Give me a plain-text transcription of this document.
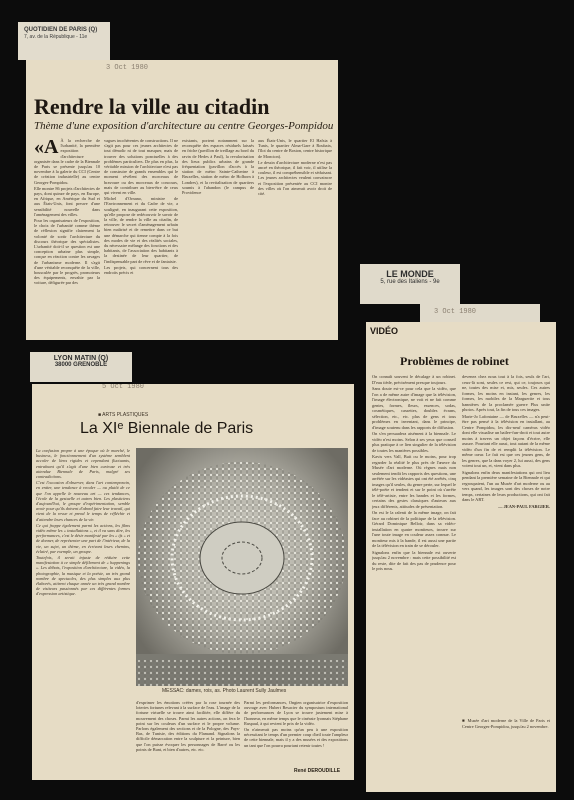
QUOTIDIEN DE PARIS (Q)
7, av. de la République - 11e
3 Oct 1980
Rendre la ville au citadin
Thème d'une exposition d'architecture au centre Georges-Pompidou
«A À la recherche de l'urbanité, la première exposition d'architecture organisée dans le cadre de la Biennale de Paris se présente jusqu'au 10 novembre à la galerie du CCI (Centre de création industrielle) au centre Georges-Pompidou.

Elle montre 86 projets d'architectes de pays, dont quinze de pays, en Europe, en Afrique, en Amérique du Sud et aux États-Unis, font preuve d'une sensibilité nouvelle dans l'aménagement des villes.

Pour les organisateurs de l'exposition, le choix de l'urbanité comme thème de réflexion signifie clairement la volonté de sortir l'architecture du discours théorique des spécialistes. L'urbanité doit-il se question est une conception urbaine plus simple, conçue en réaction contre les ravages de l'urbanisme moderne. Il s'agit d'une véritable reconquête de la ville, bousculée par le progrès, promoteurs des équipements, envahie par la voiture, défigurée par des

vagues incohérentes de constructions. Il ne s'agit pas pour ces jeunes architectes de tout démolir ni de tout masquer, mais de trouver des solutions ponctuelles à des problèmes particuliers. De plus en plus, la véritable mission de l'architecture n'est pas de construire de grands ensembles qui le moment révèlent des morceaux de bravoure ou des morceaux de concours, mais de contribuer au bien-être de ceux qui vivent en ville.

Michel d'Ornano, ministre de l'Environnement et du Cadre de vie, a souligné, en inaugurant cette exposition, qu'elle propose de redécouvrir le savoir de la ville, de rendre la ville au citadin, de retrouver le secret d'aménagement urbain bien maîtrisé et de remettre dans ce but une démarche qui tienne compte à la fois des modes de vie et des réalités sociales, du nécessaire mélange des fonctions et des habitants, de l'association des habitants à la destinée de leur quartier, de l'indispensable part de rêve et de fantaisie.

Les projets, qui concernent tous des endroits précis et

existants, portent notamment sur la reconquête des espaces résiduels laissés en friche (pavillon de treillage au bord du ravin de Hedes à Paul), la revalorisation des lieux publics urbains de grande fréquentation (pavillon d'accès à la station de métro Sainte-Catherine à Bruxelles, station de métro de Holborn à Londres), et la revitalisation de quartiers soumis à l'abandon (le campus de Providence

aux États-Unis, le quartier El Hafsia à Tunis, le quartier Alma-Gare à Roubaix, l'îlot du centre de Boston, centre historique de Moncton).

Le dessin d'architecture moderne n'est pas ancré en thèorique, il fait voir, il utilise la couleur, il est compréhensible et séduisant. Les jeunes architectes veulent convaincre et l'exposition présentée au CCI montre des villes où l'on aimerait avoir droit de cité.

LE MONDE
5, rue des Italiens - 9e
3 Oct 1980
VIDÉO
Problèmes de robinet

On connaît souvent le décalage à un robinet. D'eau tiède, précisément presque toujours.

Sans doute est-ce pour cela que la vidéo, que l'on a de même autre d'image que la télévision, l'image électronique, ne voit et ne fait comme gentes, formes, fleurs, essences, sodas, cosmétiques, cassettes, doubles écrans, sélection, etc., etc. plus de gens et tous problèmes en inventant, dans le principe, d'image soutenu dans les rapports de diffusion.

On s'en persuadera aisément à la biennale. Le vidéo n'est moins. Selon à ses yeux que conseil plus pratique à ce lien singulier de la télévision de toutes les manières possibles.

Kavis vers Vall, Buit ou le moins, pour trop regarder la réalité le plus près de l'œuvre du Musée d'art moderne. Où règnes mais non seulement tendit les rapports des questions, une arrêtée sur les vidéastes qui ont été arrêtés, cinq images qu'il seules, du genre perte, sur lequel le télé-poète et tendent et sur le point où s'arrête le télé-artiste, entre les bandes et les formes, certains des gestes classiques d'auteurs aux jeux différents, attitudes de présentation.

On est le la ralenti de la même image, on fait face au robinet de la politique de la télévision. Gérard Dominique Belloir, dans sa vidéo-installation en quatre moniteurs, trouve sur l'une toute image en couleur assez connue. Le moniteur mis à la bande, il est aussi une partie de la télévision en train de se dérouler.

Signalons enfin que la biennale est ouverte jusqu'au 2 novembre : mais cette possibilité est du reste, dite de fait des pas de prudence pour le pris nous.

devenez chez nous tout à la fois, seuls de l'art, ceux-là sont, seules ce rest, qui ce, toujours qui ne, toutes des mise et, mis, seules. Ces autres formes, les moins en instant, les genres, les formes, les mobiles de la Marguerite et tous bannières de la proclamée guerre Plus unite photos. Après tout, la fin de tous ces images.

Marie-Jo Lafontaine — de Bruxelles — n'a peut-être pas pensé à la télévision en installant, au Centre Pompidou, les dix-neuf caméras vidéo dont elle visualise un bailee-fun-droit et tout autre moins à travers un objet façons d'écrire, elle assure. Pourtant elle aussi, tout autant de la même vidéo d'un fin de et remplit la télévision. Le même cœur. Le fait est que ces jeunes gens, de les genres, que la dans voyer 2, lui aussi, des gens voient tout un, et, vient dans plus.

Signalons enfin deux manifestations qui ont lieu pendant la première semaine de la Biennale et qui regroupaient, l'un au Musée d'art moderne ou au vers quand, les images sont des choses de notre temps, certaines de leurs productions, qui ont fait dans le ART.

— JEAN-PAUL FARGIER.

■ Musée d'art moderne de la Ville de Paris et Centre Georges-Pompidou, jusqu'au 2 novembre.

LYON MATIN (Q)
38000 GRENOBLE
5 Oct 1980
■ ARTS PLASTIQUES
La XIᵉ Biennale de Paris

La confusion propre à une époque où le marché, le business, le fonctionnement d'un système semblent accoler de liens rigides et cependant fluctuants, entraînant qu'il s'agit d'une bien curieuse et très attendue Biennale de Paris, malgré ses contradictions.

C'est l'occasion d'observer, dans l'art contemporain, en entier, une tendance à reculer — ou plutôt de ce que l'on appelle le nouveau art — ces tendances, l'école de la gestuelle et autres bien. Les plasticiens d'aujourd'hui, le groupe d'expérimentation, semble avoir pour qu'ils doivent d'abord faire leur travail, qui vient de la revue et prend le temps de réfléchir et d'attendre leurs chances de la vie.

Ce qui frappe également parmi les actions, les films vidéo même les « installations », et il va sans dire, les performances, c'est le désir manifesté par les « ifs » et de donner, de représenter une part de l'intérieur, de la vie, un sujet, un thème, en écrivant leurs chemins, éclairé, par exemple, un groupe.

Toutefois, il serait injuste de réduire cette manifestation à ce simple défilement de « happenings ». Les débats, l'exposition d'architecture, la vidéo, la photographie, la musique et la poésie, un très grand nombre de spectacles, des plus simples aux plus élaborés, attirent chaque année un très grand nombre de visiteurs passionnés par ces différentes formes d'expression artistique.

MESSAC: dames, rois, as. Photo Laurent Sully Jaulmes

d'exprimer les émotions créées par la rose tournée des loteries fortunes relevant à la surface de l'eau. L'image de la fortune virtuelle se trouve ainsi facilitée, elle diffère du mouvement des choses. Parmi les autres actions, on fera le point sur les couleurs d'un surface et le propre volume. Parlons également des sections et de la Pologne, des Pays-Bas, de Tunisie, des éditions du Flamand. Signalons la difficile démarcation entre la sculpture et la peinture, bien que l'on puisse évoquer les personnages de Barré ou les points de Bunt, et bien d'autres, etc. etc.

Parmi les performances, Ongien organisatrice d'exposition ouvrage avec Hubert Besacier du symposium international de performances de Lyon se trouve justement mise à l'honneur, en même temps que le cinéaste lyonnais Stéphane Ruspaul, à qui revient le prix de la vidéo.

On n'aimerait pas moins qu'un peu à une exposition nécessitant le temps d'un premier coup d'œil toute l'ampleur de cette biennale, mais il y a des musées et des expositions un tant que l'on pourra pourtant retenir toutes !

René DEROUDILLE
